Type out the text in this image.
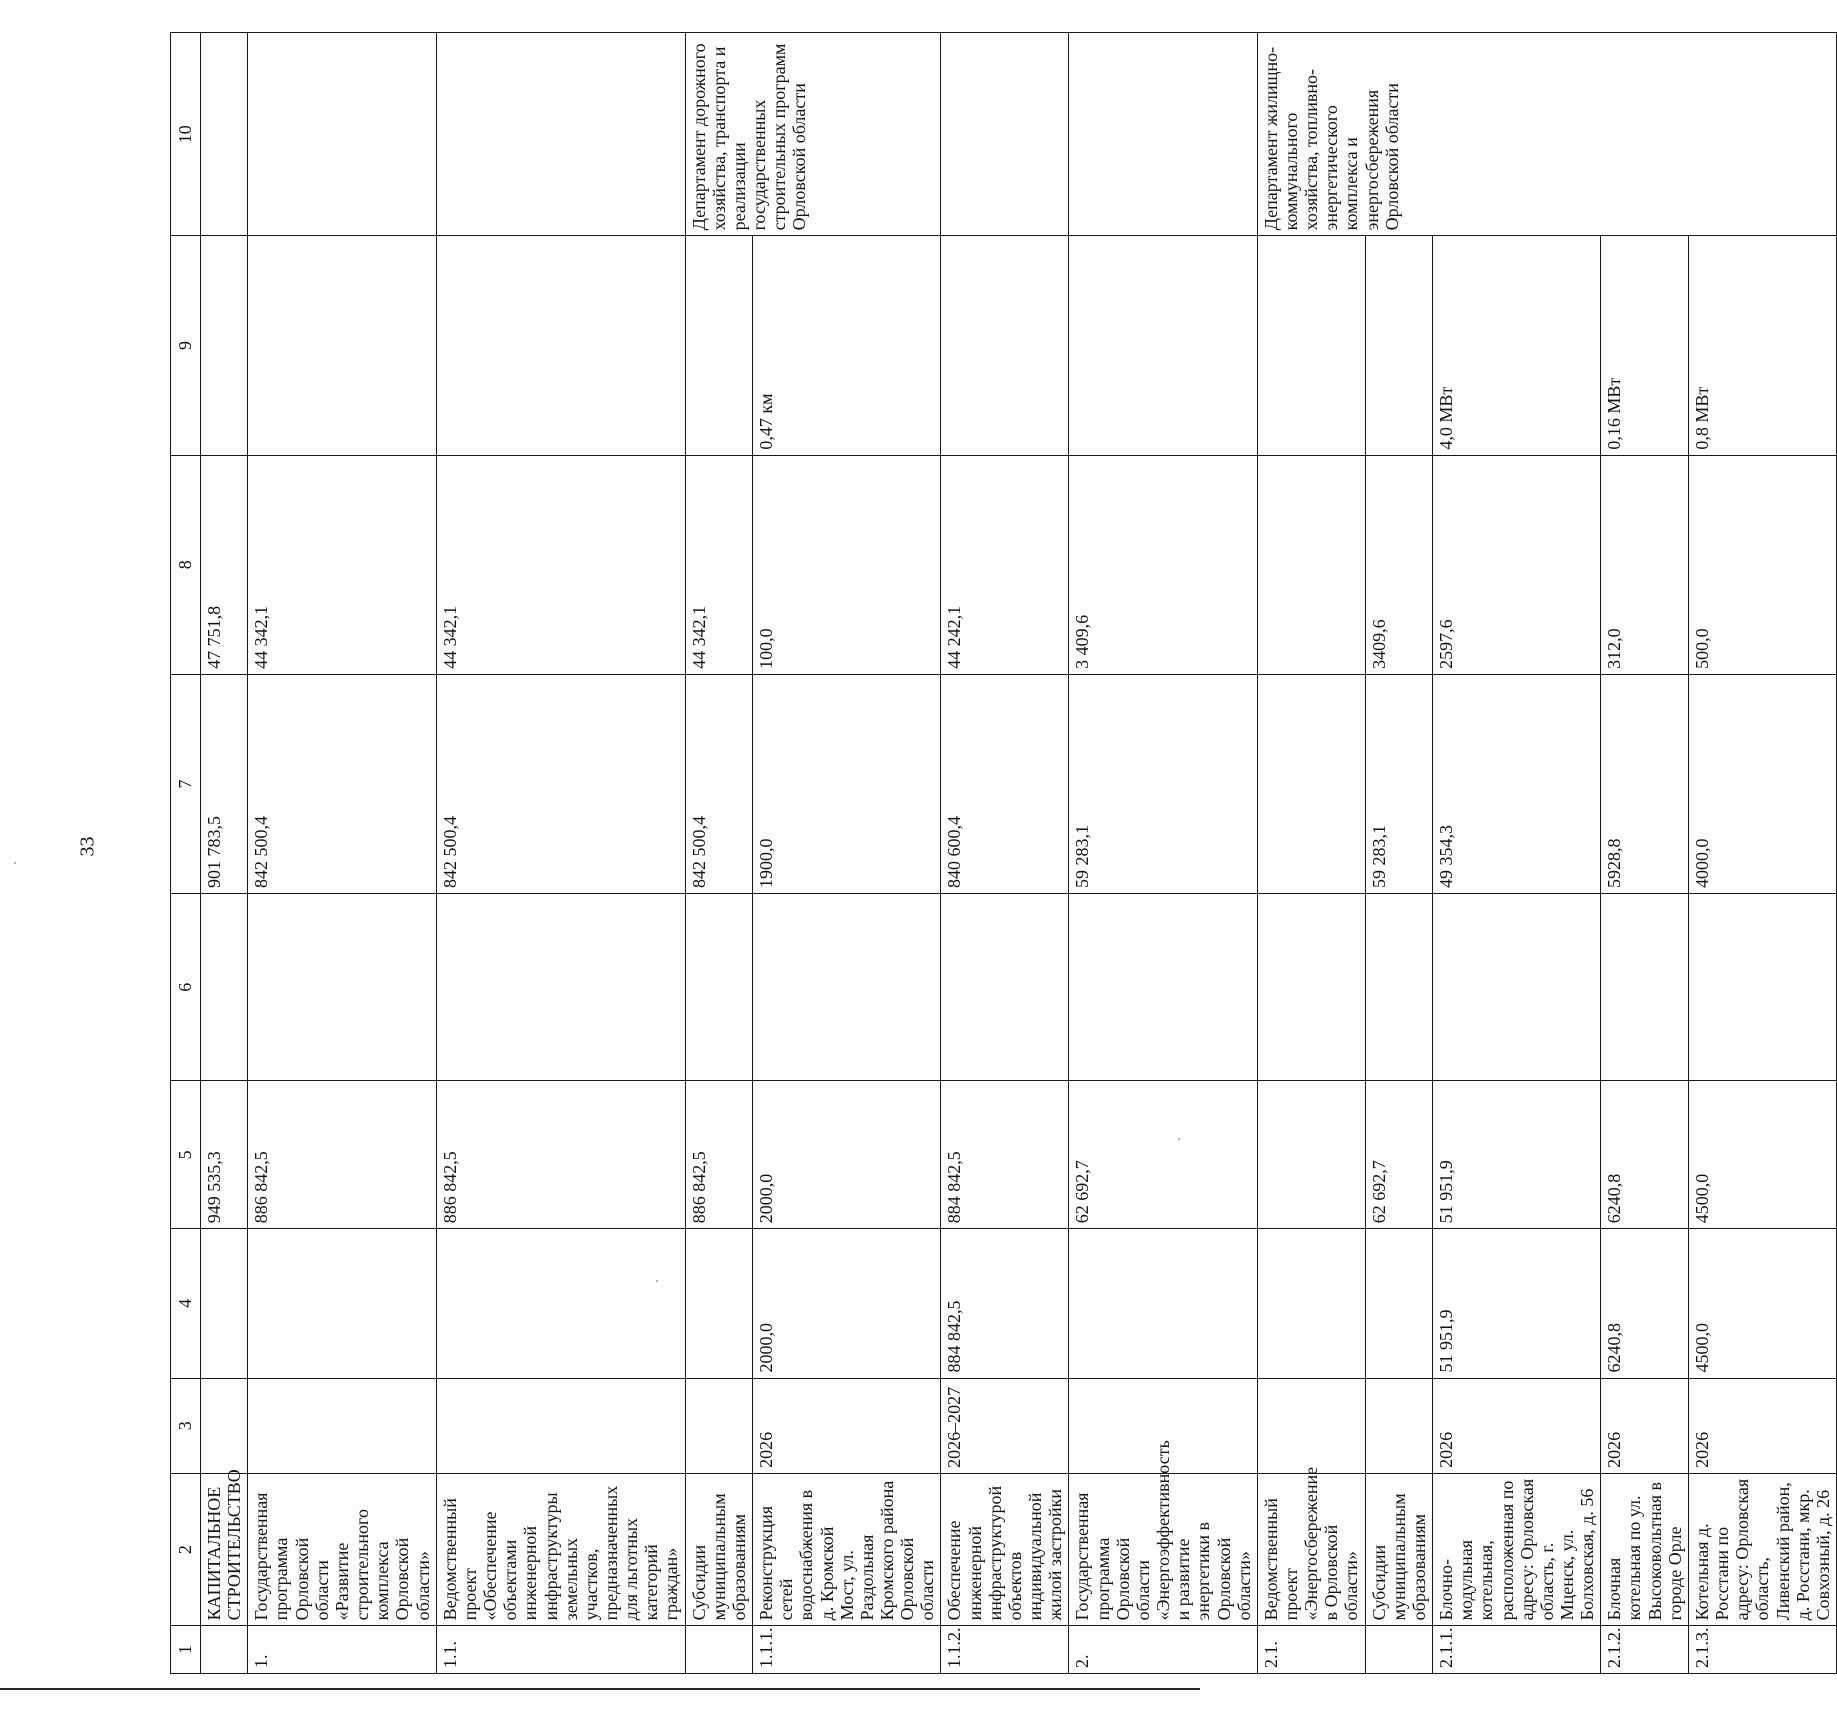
33
1	2	3	4	5	6	7	8	9	10
	КАПИТАЛЬНОЕ СТРОИТЕЛЬСТВО			949 535,3		901 783,5	47 751,8		
1.	Государственная программа Орловской области «Развитие строительного комплекса Орловской области»			886 842,5		842 500,4	44 342,1		
1.1.	Ведомственный проект «Обеспечение объектами инженерной инфраструктуры земельных участков, предназначенных для льготных категорий граждан»			886 842,5		842 500,4	44 342,1		
	Субсидии муниципальным образованиям			886 842,5		842 500,4	44 342,1		Департамент дорожного хозяйства, транспорта и реализации государственных строительных программ Орловской области
1.1.1.	Реконструкция сетей водоснабжения в д. Кромской Мост, ул. Раздольная Кромского района Орловской области	2026	2000,0	2000,0		1900,0	100,0	0,47 км	
1.1.2.	Обеспечение инженерной инфраструктурой объектов индивидуальной жилой застройки	2026–2027	884 842,5	884 842,5		840 600,4	44 242,1		
2.	Государственная программа Орловской области «Энергоэффективность и развитие энергетики в Орловской области»			62 692,7		59 283,1	3 409,6		
2.1.	Ведомственный проект «Энергосбережение в Орловской области»								Департамент жилищно-коммунального хозяйства, топливно-энергетического комплекса и энергосбережения Орловской области
	Субсидии муниципальным образованиям			62 692,7		59 283,1	3409,6		
2.1.1.	Блочно-модульная котельная, расположенная по адресу: Орловская область, г. Мценск, ул. Болховская, д. 56	2026	51 951,9	51 951,9		49 354,3	2597,6	4,0 МВт	
2.1.2.	Блочная котельная по ул. Высоковольтная в городе Орле	2026	6240,8	6240,8		5928,8	312,0	0,16 МВт	
2.1.3.	Котельная д. Росстани по адресу: Орловская область, Ливенский район, д. Росстани, мкр. Совхозный, д. 26	2026	4500,0	4500,0		4000,0	500,0	0,8 МВт	
